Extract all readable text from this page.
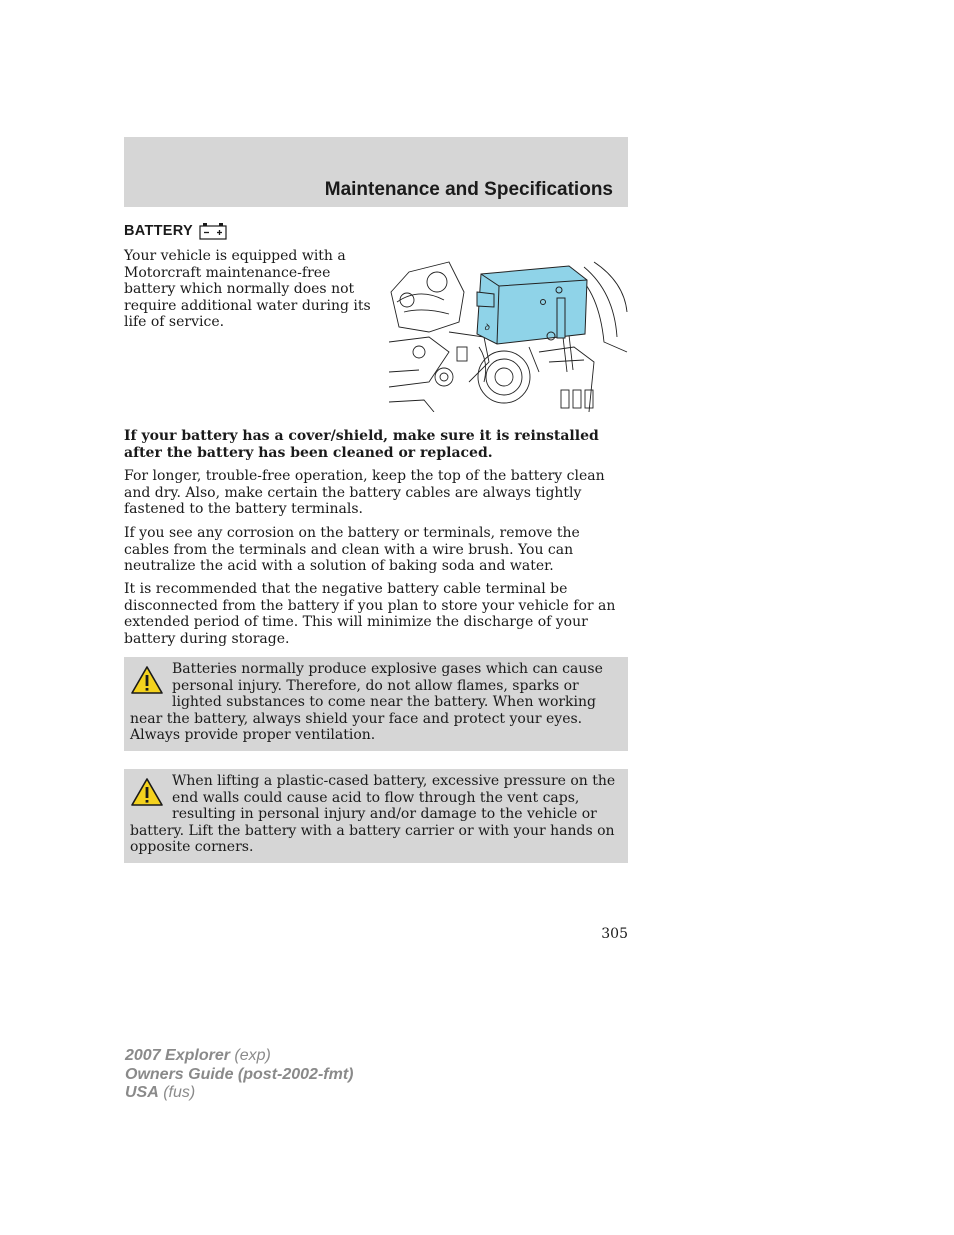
Maintenance and Specifications
BATTERY

Your vehicle is equipped with a Motorcraft maintenance-free battery which normally does not require additional water during its life of service.	ꝺ

If your battery has a cover/shield, make sure it is reinstalled after the battery has been cleaned or replaced.

For longer, trouble-free operation, keep the top of the battery clean and dry. Also, make certain the battery cables are always tightly fastened to the battery terminals.

If you see any corrosion on the battery or terminals, remove the cables from the terminals and clean with a wire brush. You can neutralize the acid with a solution of baking soda and water.

It is recommended that the negative battery cable terminal be disconnected from the battery if you plan to store your vehicle for an extended period of time. This will minimize the discharge of your battery during storage.

Batteries normally produce explosive gases which can cause personal injury. Therefore, do not allow flames, sparks or lighted substances to come near the battery. When working near the battery, always shield your face and protect your eyes. Always provide proper ventilation.

When lifting a plastic-cased battery, excessive pressure on the end walls could cause acid to flow through the vent caps, resulting in personal injury and/or damage to the vehicle or battery. Lift the battery with a battery carrier or with your hands on opposite corners.

305
2007 Explorer (exp)
Owners Guide (post-2002-fmt)
USA (fus)
